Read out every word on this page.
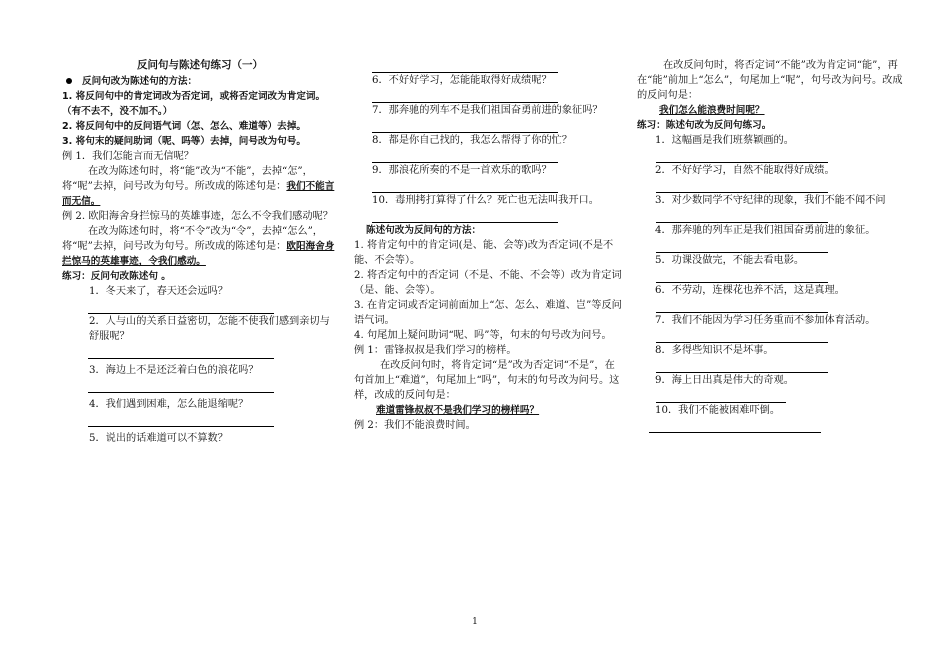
反问句与陈述句练习（一）
反问句改为陈述句的方法：
1. 将反问句中的肯定词改为否定词，或将否定词改为肯定词。（有不去不，没不加不。）
2. 将反问句中的反问语气词（怎、怎么、难道等）去掉。
3. 将句末的疑问助词（呢、吗等）去掉，问号改为句号。
例 1．我们怎能言而无信呢？
在改为陈述句时，将“能”改为“不能”，去掉“怎”，将“呢”去掉，问号改为句号。所改成的陈述句是：我们不能言而无信。
例 2. 欧阳海舍身拦惊马的英雄事迹，怎么不令我们感动呢？
在改为陈述句时，将“不令”改为“令”，去掉“怎么”，将“呢”去掉，问号改为句号。所改成的陈述句是：欧阳海舍身拦惊马的英雄事迹，令我们感动。
练习：反问句改陈述句 。
1．冬天来了，春天还会远吗？
2．人与山的关系日益密切，怎能不使我们感到亲切与舒服呢？
3．海边上不是还泛着白色的浪花吗？
4．我们遇到困难，怎么能退缩呢？
5．说出的话难道可以不算数？
6．不好好学习，怎能能取得好成绩呢？
7．那奔驰的列车不是我们祖国奋勇前进的象征吗？
8．都是你自己找的，我怎么帮得了你的忙？
9．那浪花所奏的不是一首欢乐的歌吗？
10．毒刑拷打算得了什么？死亡也无法叫我开口。
陈述句改为反问句的方法：
1. 将肯定句中的肯定词(是、能、会等)改为否定词(不是不能、不会等）。
2. 将否定句中的否定词（不是、不能、不会等）改为肯定词（是、能、会等）。
3. 在肯定词或否定词前面加上“怎、怎么、难道、岂”等反问语气词。
4. 句尾加上疑问助词“呢、吗”等，句末的句号改为问号。
例 1：雷锋叔叔是我们学习的榜样。
在改反问句时，将肯定词“是”改为否定词“不是”，在句首加上“难道”，句尾加上“吗”，句末的句号改为问号。这样，改成的反问句是：
难道雷锋叔叔不是我们学习的榜样吗？
例 2：我们不能浪费时间。
在改反问句时，将否定词“不能”改为肯定词“能”，再在“能”前加上“怎么”，句尾加上“呢”，句号改为问号。改成的反问句是：
我们怎么能浪费时间呢？
练习：陈述句改为反问句练习。
1．这幅画是我们班蔡颖画的。
2．不好好学习，自然不能取得好成绩。
3．对少数同学不守纪律的现象，我们不能不闻不问
4．那奔驰的列车正是我们祖国奋勇前进的象征。
5．功课没做完，不能去看电影。
6．不劳动，连棵花也养不活，这是真理。
7．我们不能因为学习任务重而不参加体育活动。
8．多得些知识不是坏事。
9．海上日出真是伟大的奇观。
10．我们不能被困难吓倒。
1
